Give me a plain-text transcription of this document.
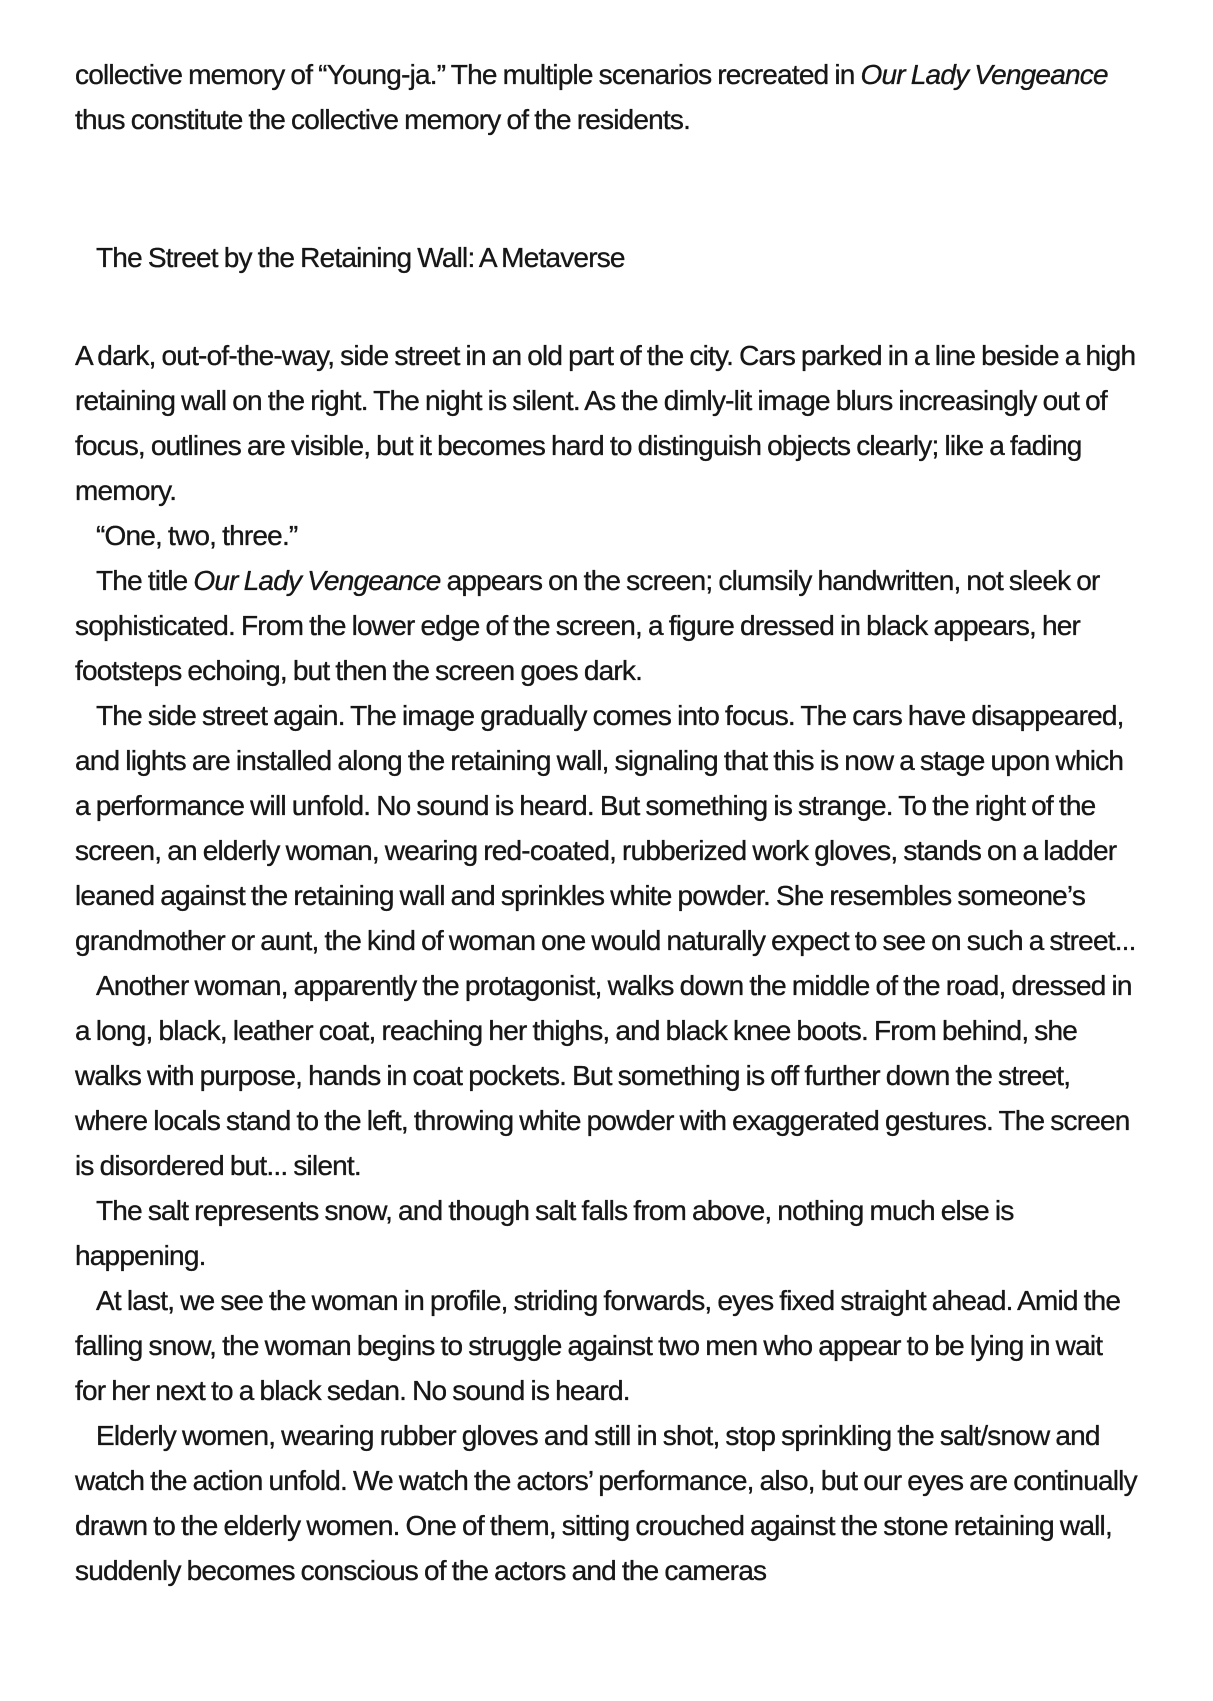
collective memory of “Young-ja.” The multiple scenarios recreated in Our Lady Vengeance thus constitute the collective memory of the residents.

The Street by the Retaining Wall: A Metaverse

A dark, out-of-the-way, side street in an old part of the city. Cars parked in a line beside a high retaining wall on the right. The night is silent. As the dimly-lit image blurs increasingly out of focus, outlines are visible, but it becomes hard to distinguish objects clearly; like a fading memory.

“One, two, three.”

The title Our Lady Vengeance appears on the screen; clumsily handwritten, not sleek or sophisticated. From the lower edge of the screen, a figure dressed in black appears, her footsteps echoing, but then the screen goes dark.

The side street again. The image gradually comes into focus. The cars have disappeared, and lights are installed along the retaining wall, signaling that this is now a stage upon which a performance will unfold. No sound is heard. But something is strange. To the right of the screen, an elderly woman, wearing red-coated, rubberized work gloves, stands on a ladder leaned against the retaining wall and sprinkles white powder. She resembles someone’s grandmother or aunt, the kind of woman one would naturally expect to see on such a street...

Another woman, apparently the protagonist, walks down the middle of the road, dressed in a long, black, leather coat, reaching her thighs, and black knee boots. From behind, she walks with purpose, hands in coat pockets. But something is off further down the street, where locals stand to the left, throwing white powder with exaggerated gestures. The screen is disordered but... silent.

The salt represents snow, and though salt falls from above, nothing much else is happening.

At last, we see the woman in profile, striding forwards, eyes fixed straight ahead. Amid the falling snow, the woman begins to struggle against two men who appear to be lying in wait for her next to a black sedan. No sound is heard.

Elderly women, wearing rubber gloves and still in shot, stop sprinkling the salt/snow and watch the action unfold. We watch the actors’ performance, also, but our eyes are continually drawn to the elderly women. One of them, sitting crouched against the stone retaining wall, suddenly becomes conscious of the actors and the cameras
